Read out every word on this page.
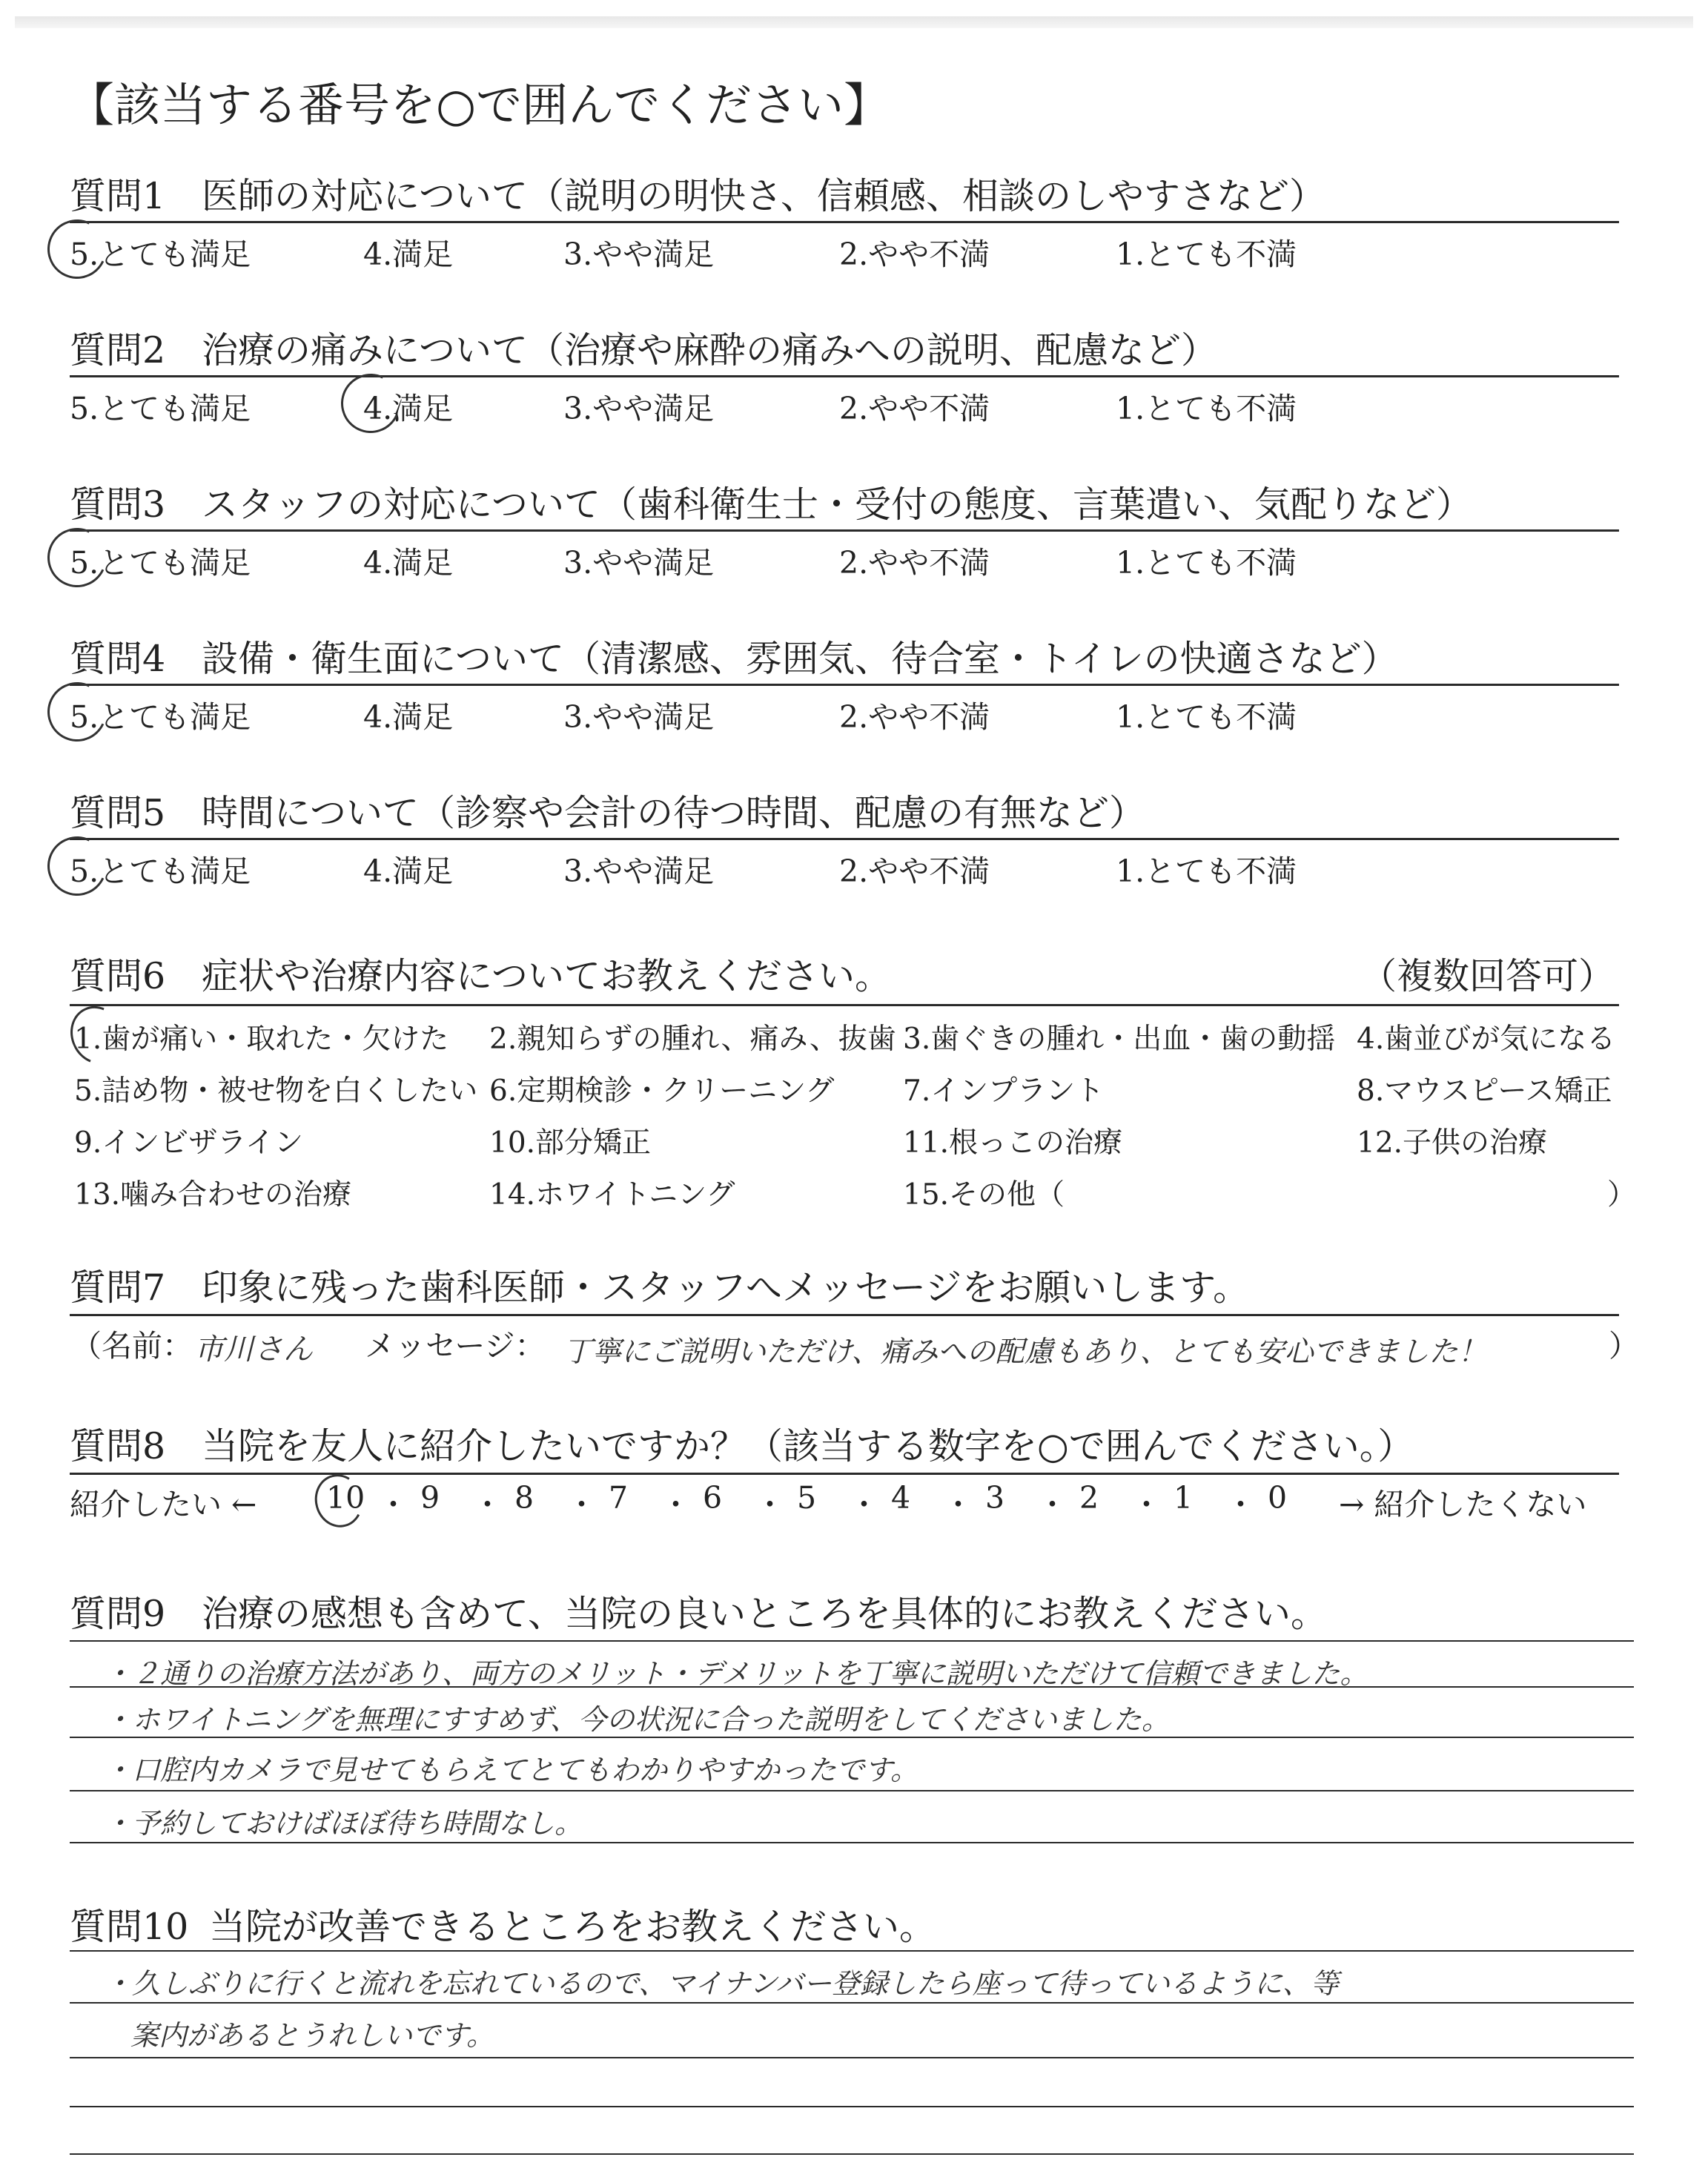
【該当する番号を○で囲んでください】
質問1 医師の対応について（説明の明快さ、信頼感、相談のしやすさなど）
5.とても満足	4.満足	3.やや満足	2.やや不満	1.とても不満
質問2 治療の痛みについて（治療や麻酔の痛みへの説明、配慮など）
5.とても満足	4.満足	3.やや満足	2.やや不満	1.とても不満
質問3 スタッフの対応について（歯科衛生士・受付の態度、言葉遣い、気配りなど）
5.とても満足	4.満足	3.やや満足	2.やや不満	1.とても不満
質問4 設備・衛生面について（清潔感、雰囲気、待合室・トイレの快適さなど）
5.とても満足	4.満足	3.やや満足	2.やや不満	1.とても不満
質問5 時間について（診察や会計の待つ時間、配慮の有無など）
5.とても満足	4.満足	3.やや満足	2.やや不満	1.とても不満
質問6 症状や治療内容についてお教えください。	（複数回答可）
1.歯が痛い・取れた・欠けた 2.親知らずの腫れ、痛み、抜歯 3.歯ぐきの腫れ・出血・歯の動揺 4.歯並びが気になる
5.詰め物・被せ物を白くしたい 6.定期検診・クリーニング 7.インプラント	8.マウスピース矯正
9.インビザライン	10.部分矯正	11.根っこの治療	12.子供の治療
13.噛み合わせの治療	14.ホワイトニング	15.その他（	）
質問7 印象に残った歯科医師・スタッフへメッセージをお願いします。
（名前： 市川さん メッセージ： 丁寧にご説明いただけ、痛みへの配慮もあり、とても安心できました！	）
質問8 当院を友人に紹介したいですか？（該当する数字を○で囲んでください。）
紹介したい ← 10 ・ 9 ・ 8 ・ 7 ・ 6 ・ 5 ・ 4 ・ 3 ・ 2 ・ 1 ・ 0 → 紹介したくない
質問9 治療の感想も含めて、当院の良いところを具体的にお教えください。
・２通りの治療方法があり、両方のメリット・デメリットを丁寧に説明いただけて信頼できました。
・ホワイトニングを無理にすすめず、今の状況に合った説明をしてくださいました。
・口腔内カメラで見せてもらえてとてもわかりやすかったです。
・予約しておけばほぼ待ち時間なし。
質問10 当院が改善できるところをお教えください。
・久しぶりに行くと流れを忘れているので、マイナンバー登録したら座って待っているように、等
案内があるとうれしいです。
